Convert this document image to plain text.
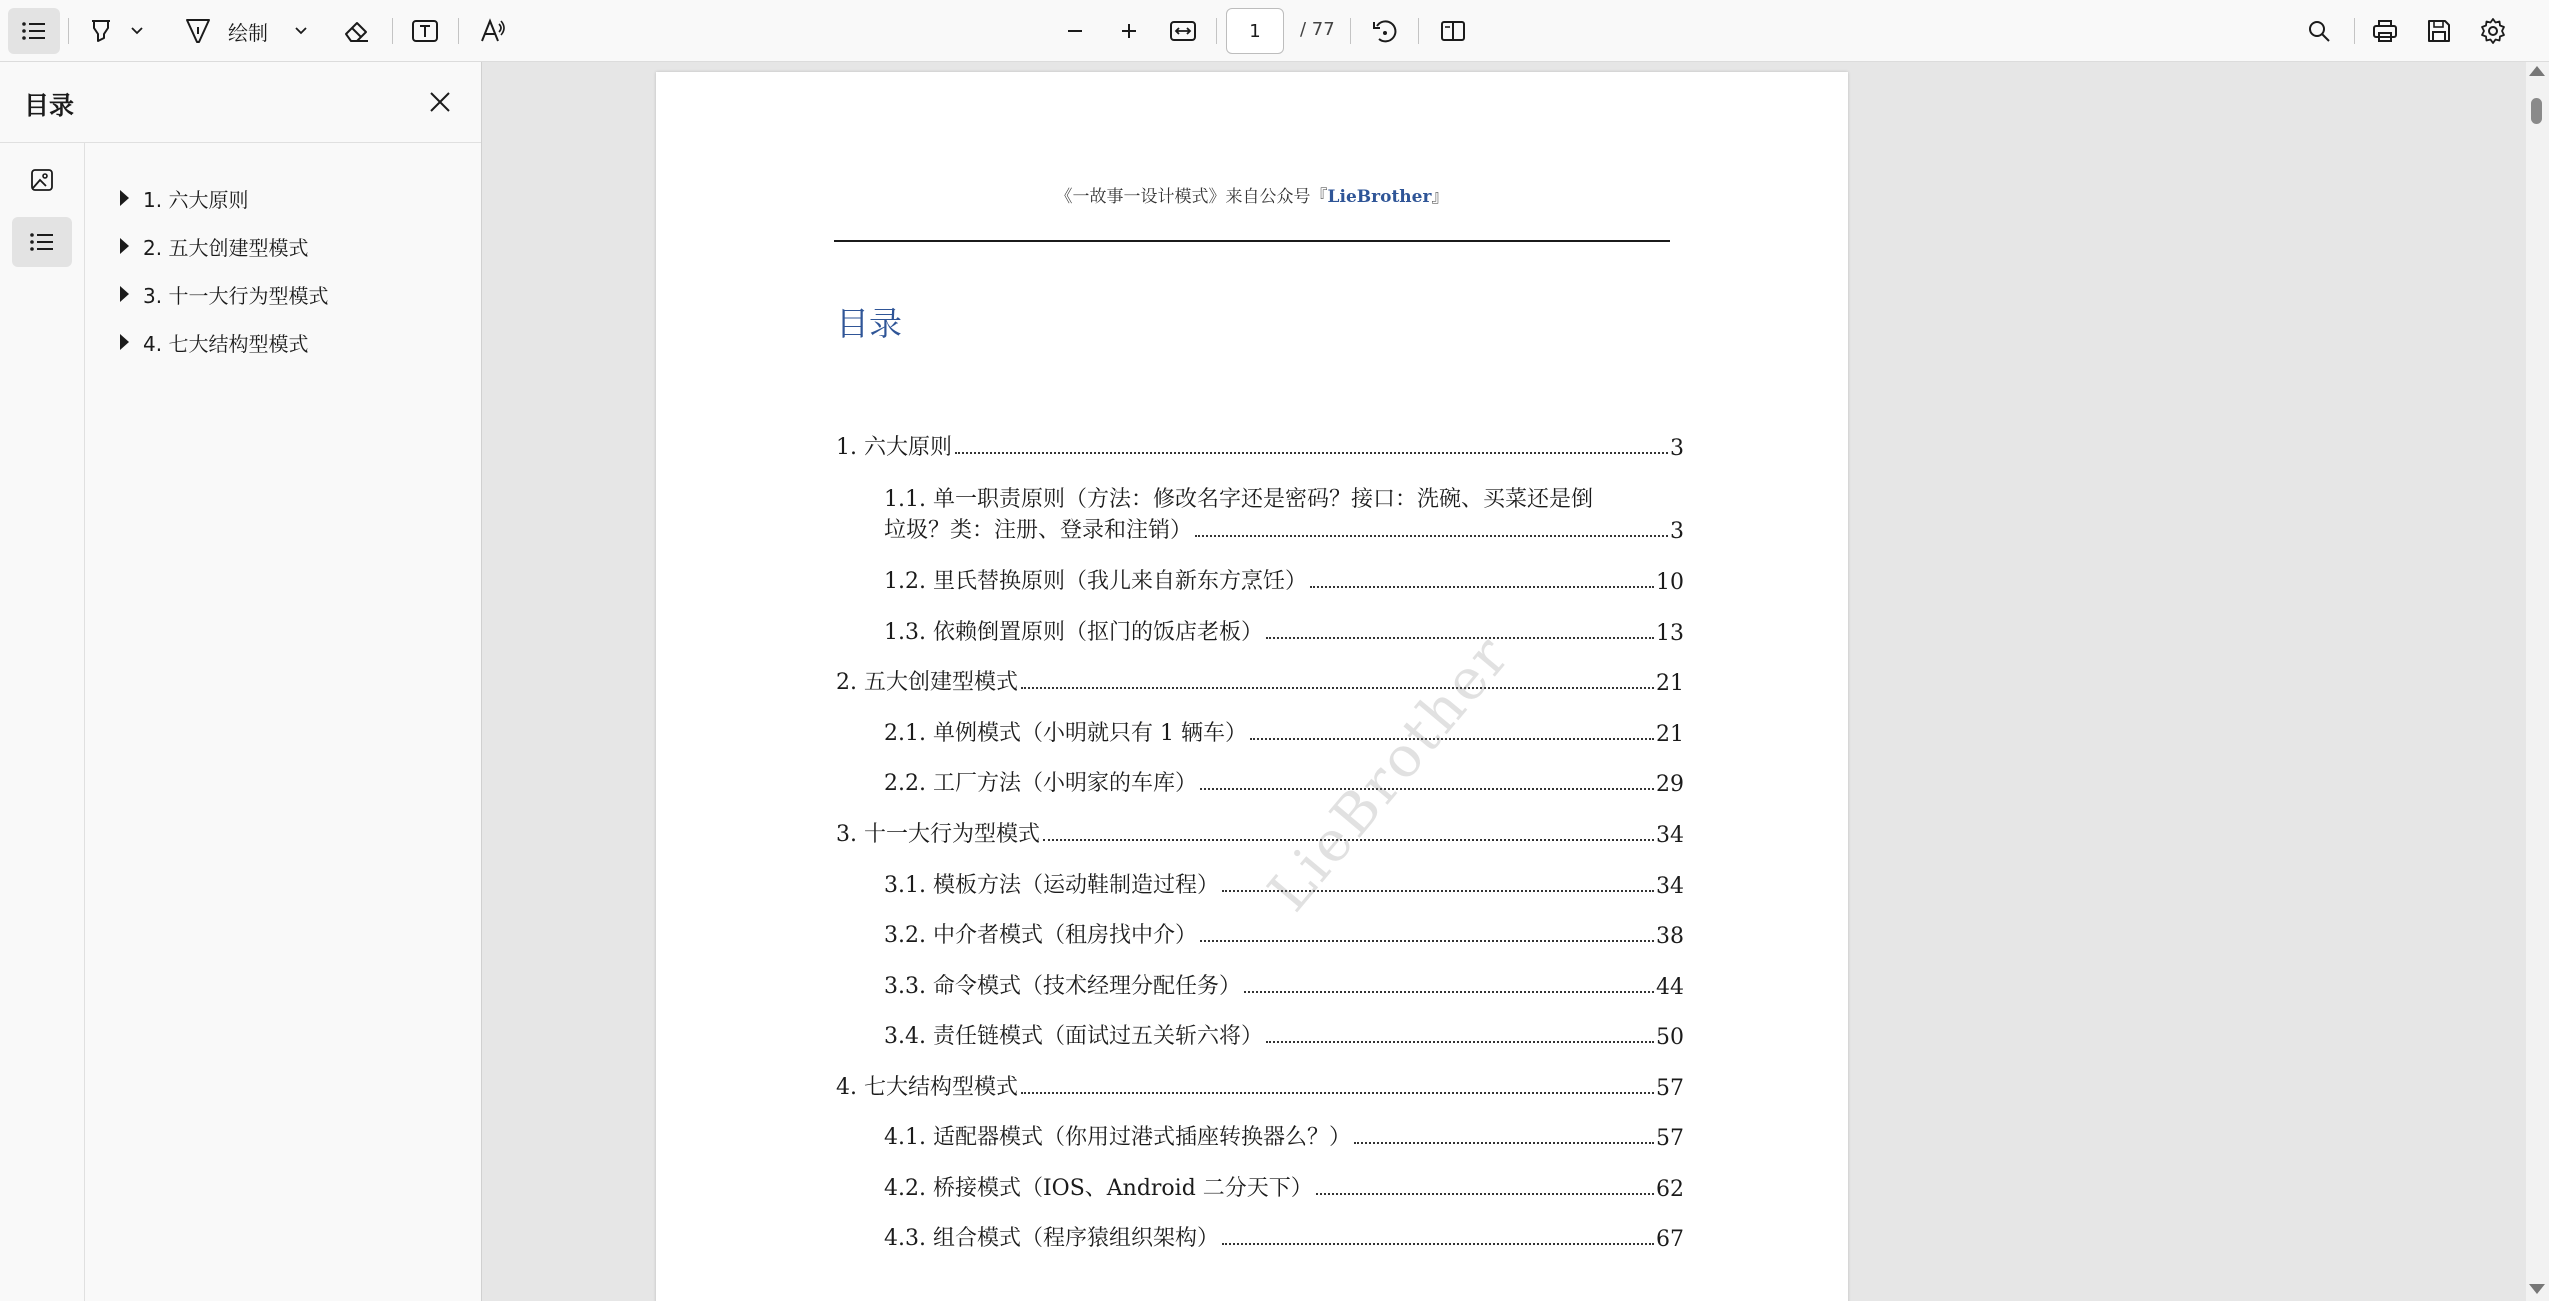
绘制
1	/ 77
目录
1. 六大原则
2. 五大创建型模式
3. 十一大行为型模式
4. 七大结构型模式
《一故事一设计模式》来自公众号『LieBrother』
目录
1. 六大原则	3
1.1. 单一职责原则（方法：修改名字还是密码？接口：洗碗、买菜还是倒
垃圾？类：注册、登录和注销）	3
1.2. 里氏替换原则（我儿来自新东方烹饪）	10
1.3. 依赖倒置原则（抠门的饭店老板）	13
2. 五大创建型模式	21
2.1. 单例模式（小明就只有 1 辆车）	21
2.2. 工厂方法（小明家的车库）	29
3. 十一大行为型模式	34
3.1. 模板方法（运动鞋制造过程）	34
3.2. 中介者模式（租房找中介）	38
3.3. 命令模式（技术经理分配任务）	44
3.4. 责任链模式（面试过五关斩六将）	50
4. 七大结构型模式	57
4.1. 适配器模式（你用过港式插座转换器么？）	57
4.2. 桥接模式（IOS、Android 二分天下）	62
4.3. 组合模式（程序猿组织架构）	67
LieBrother
